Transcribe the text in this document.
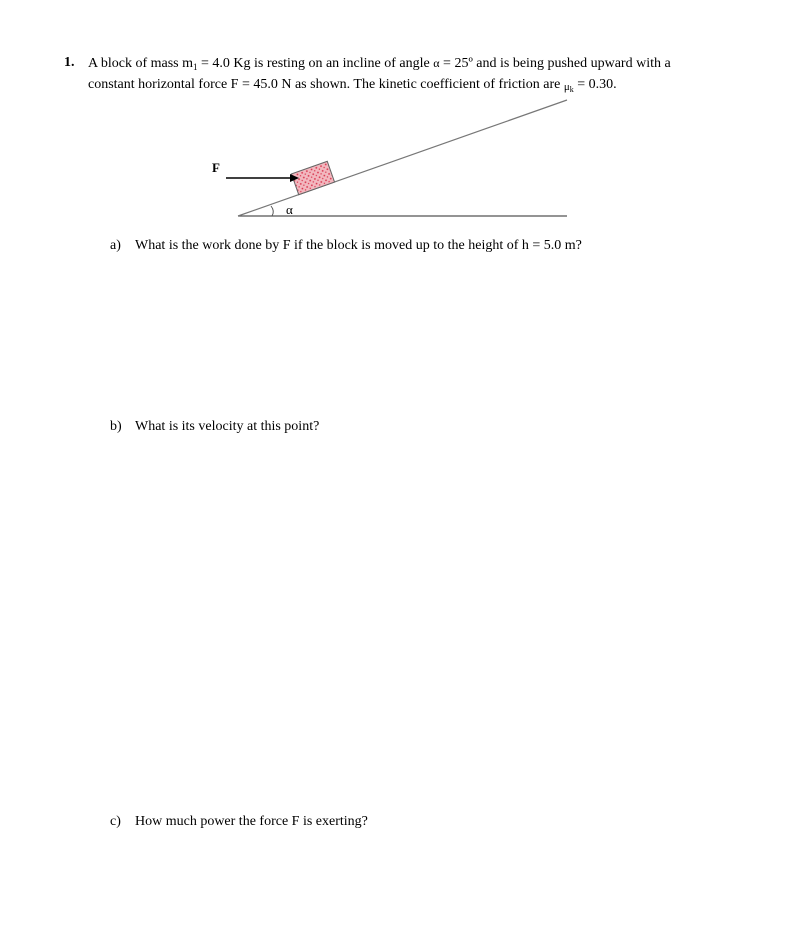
1. A block of mass $m_1 = 4.0$ Kg is resting on an incline of angle α = 25º and is being pushed upward with a
constant horizontal force F = 45.0 N as shown. The kinetic coefficient of friction are $\mu_k = 0.30$.
α
F
a) What is the work done by F if the block is moved up to the height of h = 5.0 m?
b) What is its velocity at this point?
c) How much power the force F is exerting?
